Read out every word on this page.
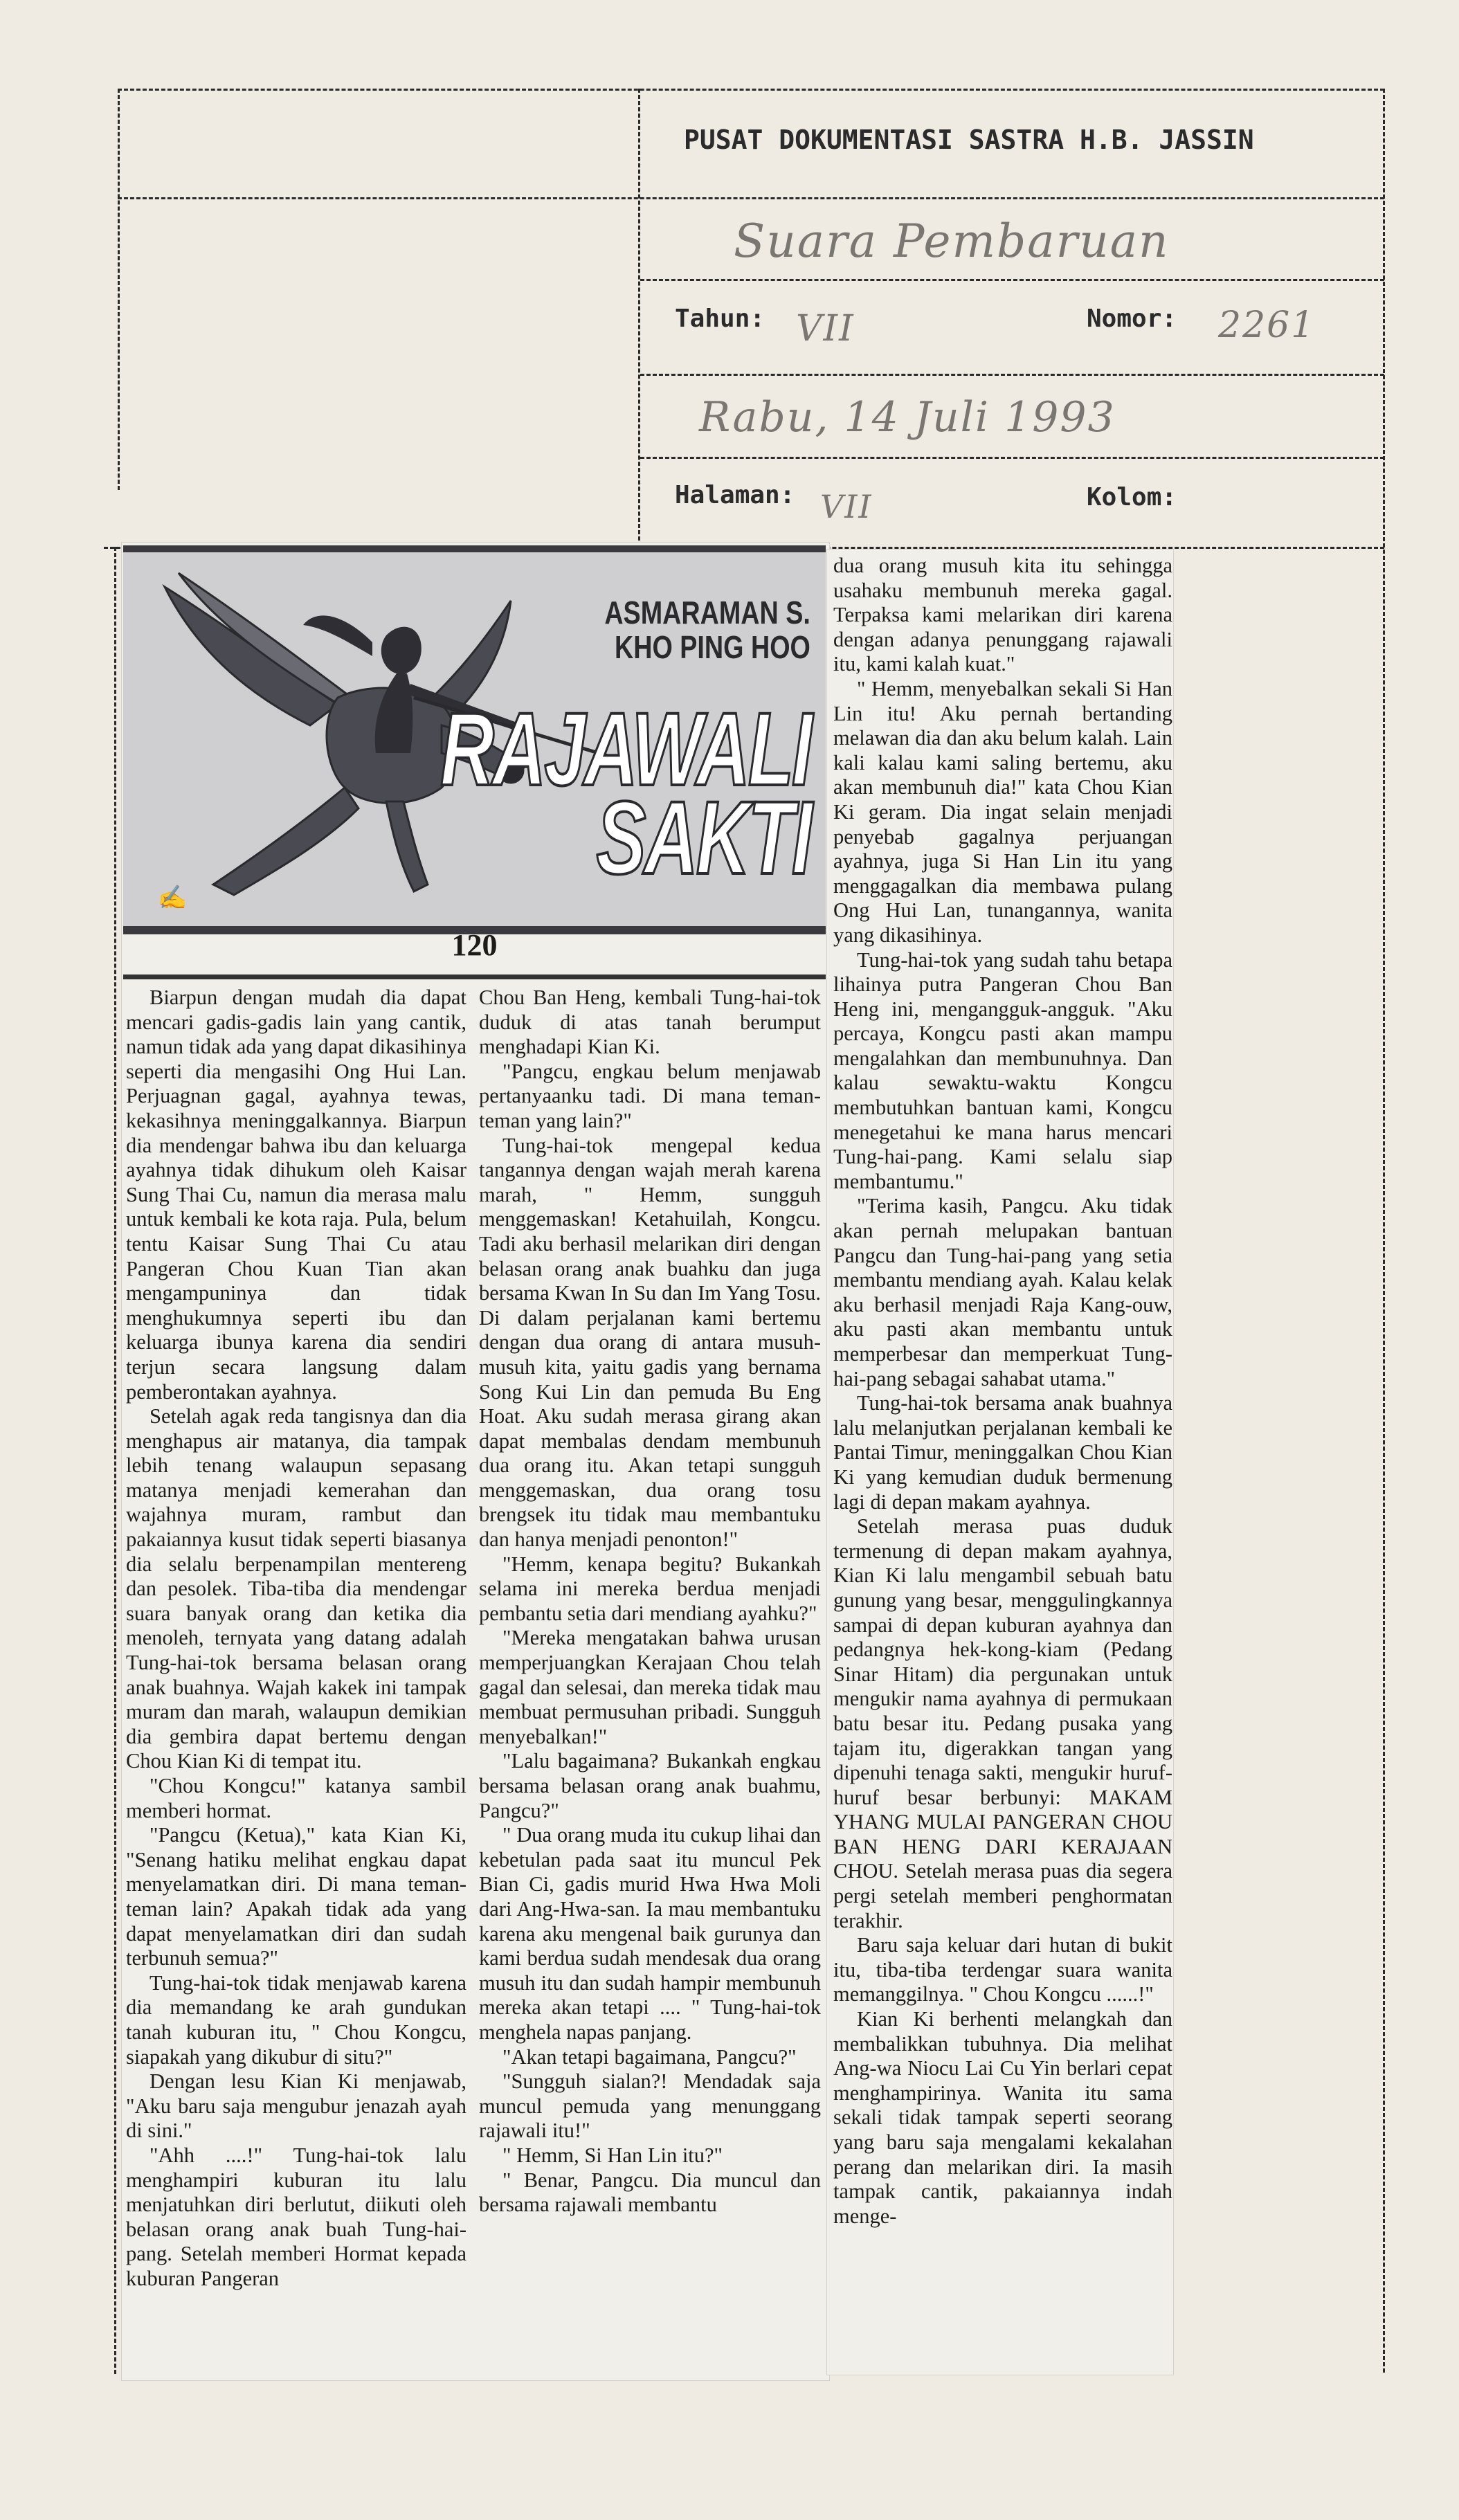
PUSAT DOKUMENTASI SASTRA H.B. JASSIN
Suara Pembaruan
Tahun: VII	Nomor: 2261
Rabu, 14 Juli 1993
Halaman: VII	Kolom:
✍
ASMARAMAN S.
KHO PING HOO
RAJAWALI
SAKTI
120

Biarpun dengan mudah dia dapat mencari gadis-gadis lain yang cantik, namun tidak ada yang dapat dikasihinya seperti dia mengasihi Ong Hui Lan. Perjuagnan gagal, ayahnya tewas, kekasihnya meninggalkannya. Biarpun dia mendengar bahwa ibu dan keluarga ayahnya tidak dihukum oleh Kaisar Sung Thai Cu, namun dia merasa malu untuk kembali ke kota raja. Pula, belum tentu Kaisar Sung Thai Cu atau Pangeran Chou Kuan Tian akan mengampuninya dan tidak menghukumnya seperti ibu dan keluarga ibunya karena dia sendiri terjun secara langsung dalam pemberontakan ayahnya.

Setelah agak reda tangisnya dan dia menghapus air matanya, dia tampak lebih tenang walaupun sepasang matanya menjadi kemerahan dan wajahnya muram, rambut dan pakaiannya kusut tidak seperti biasanya dia selalu berpenampilan mentereng dan pesolek. Tiba-tiba dia mendengar suara banyak orang dan ketika dia menoleh, ternyata yang datang adalah Tung-hai-tok bersama belasan orang anak buahnya. Wajah kakek ini tampak muram dan marah, walaupun demikian dia gembira dapat bertemu dengan Chou Kian Ki di tempat itu.

"Chou Kongcu!" katanya sambil memberi hormat.

"Pangcu (Ketua)," kata Kian Ki, "Senang hatiku melihat engkau dapat menyelamatkan diri. Di mana teman-teman lain? Apakah tidak ada yang dapat menyelamatkan diri dan sudah terbunuh semua?"

Tung-hai-tok tidak menjawab karena dia memandang ke arah gundukan tanah kuburan itu, " Chou Kongcu, siapakah yang dikubur di situ?"

Dengan lesu Kian Ki menjawab, "Aku baru saja mengubur jenazah ayah di sini."

"Ahh ....!" Tung-hai-tok lalu menghampiri kuburan itu lalu menjatuhkan diri berlutut, diikuti oleh belasan orang anak buah Tung-hai-pang. Setelah memberi Hormat kepada kuburan Pangeran

Chou Ban Heng, kembali Tung-hai-tok duduk di atas tanah berumput menghadapi Kian Ki.

"Pangcu, engkau belum menjawab pertanyaanku tadi. Di mana teman-teman yang lain?"

Tung-hai-tok mengepal kedua tangannya dengan wajah merah karena marah, " Hemm, sungguh menggemaskan! Ketahuilah, Kongcu. Tadi aku berhasil melarikan diri dengan belasan orang anak buahku dan juga bersama Kwan In Su dan Im Yang Tosu. Di dalam perjalanan kami bertemu dengan dua orang di antara musuh-musuh kita, yaitu gadis yang bernama Song Kui Lin dan pemuda Bu Eng Hoat. Aku sudah merasa girang akan dapat membalas dendam membunuh dua orang itu. Akan tetapi sungguh menggemaskan, dua orang tosu brengsek itu tidak mau membantuku dan hanya menjadi penonton!"

"Hemm, kenapa begitu? Bukankah selama ini mereka berdua menjadi pembantu setia dari mendiang ayahku?"

"Mereka mengatakan bahwa urusan memperjuangkan Kerajaan Chou telah gagal dan selesai, dan mereka tidak mau membuat permusuhan pribadi. Sungguh menyebalkan!"

"Lalu bagaimana? Bukankah engkau bersama belasan orang anak buahmu, Pangcu?"

" Dua orang muda itu cukup lihai dan kebetulan pada saat itu muncul Pek Bian Ci, gadis murid Hwa Hwa Moli dari Ang-Hwa-san. Ia mau membantuku karena aku mengenal baik gurunya dan kami berdua sudah mendesak dua orang musuh itu dan sudah hampir membunuh mereka akan tetapi .... " Tung-hai-tok menghela napas panjang.

"Akan tetapi bagaimana, Pangcu?"

"Sungguh sialan?! Mendadak saja muncul pemuda yang menunggang rajawali itu!"

" Hemm, Si Han Lin itu?"

" Benar, Pangcu. Dia muncul dan bersama rajawali membantu

dua orang musuh kita itu sehingga usahaku membunuh mereka gagal. Terpaksa kami melarikan diri karena dengan adanya penunggang rajawali itu, kami kalah kuat."

" Hemm, menyebalkan sekali Si Han Lin itu! Aku pernah bertanding melawan dia dan aku belum kalah. Lain kali kalau kami saling bertemu, aku akan membunuh dia!" kata Chou Kian Ki geram. Dia ingat selain menjadi penyebab gagalnya perjuangan ayahnya, juga Si Han Lin itu yang menggagalkan dia membawa pulang Ong Hui Lan, tunangannya, wanita yang dikasihinya.

Tung-hai-tok yang sudah tahu betapa lihainya putra Pangeran Chou Ban Heng ini, mengangguk-angguk. "Aku percaya, Kongcu pasti akan mampu mengalahkan dan membunuhnya. Dan kalau sewaktu-waktu Kongcu membutuhkan bantuan kami, Kongcu menegetahui ke mana harus mencari Tung-hai-pang. Kami selalu siap membantumu."

"Terima kasih, Pangcu. Aku tidak akan pernah melupakan bantuan Pangcu dan Tung-hai-pang yang setia membantu mendiang ayah. Kalau kelak aku berhasil menjadi Raja Kang-ouw, aku pasti akan membantu untuk memperbesar dan memperkuat Tung-hai-pang sebagai sahabat utama."

Tung-hai-tok bersama anak buahnya lalu melanjutkan perjalanan kembali ke Pantai Timur, meninggalkan Chou Kian Ki yang kemudian duduk bermenung lagi di depan makam ayahnya.

Setelah merasa puas duduk termenung di depan makam ayahnya, Kian Ki lalu mengambil sebuah batu gunung yang besar, menggulingkannya sampai di depan kuburan ayahnya dan pedangnya hek-kong-kiam (Pedang Sinar Hitam) dia pergunakan untuk mengukir nama ayahnya di permukaan batu besar itu. Pedang pusaka yang tajam itu, digerakkan tangan yang dipenuhi tenaga sakti, mengukir huruf-huruf besar berbunyi: MAKAM YHANG MULAI PANGERAN CHOU BAN HENG DARI KERAJAAN CHOU. Setelah merasa puas dia segera pergi setelah memberi penghormatan terakhir.

Baru saja keluar dari hutan di bukit itu, tiba-tiba terdengar suara wanita memanggilnya. " Chou Kongcu ......!"

Kian Ki berhenti melangkah dan membalikkan tubuhnya. Dia melihat Ang-wa Niocu Lai Cu Yin berlari cepat menghampirinya. Wanita itu sama sekali tidak tampak seperti seorang yang baru saja mengalami kekalahan perang dan melarikan diri. Ia masih tampak cantik, pakaiannya indah menge-
